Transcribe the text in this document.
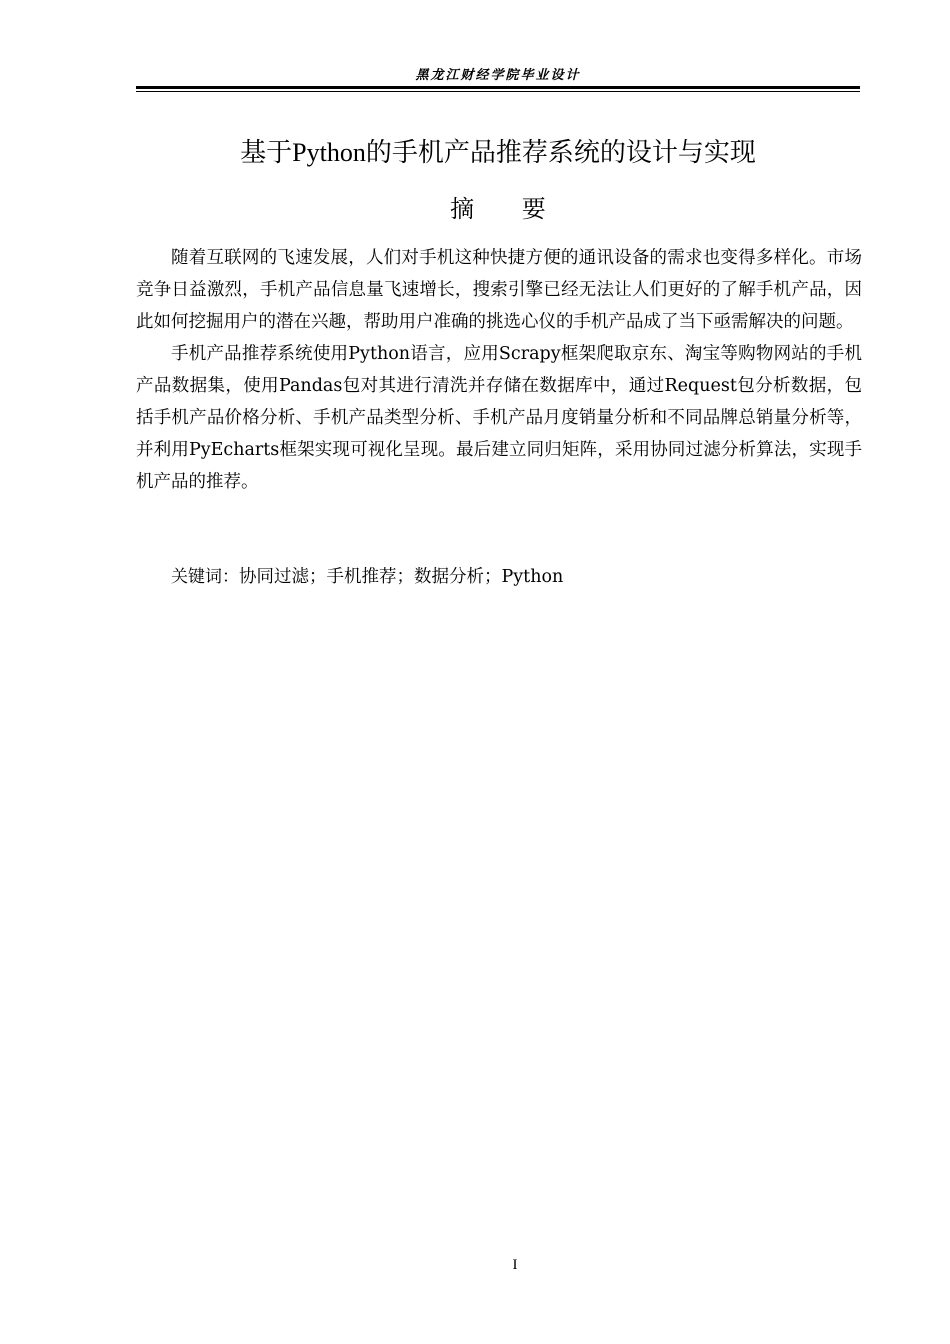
黑龙江财经学院毕业设计
基于Python的手机产品推荐系统的设计与实现
摘 要

随着互联网的飞速发展，人们对手机这种快捷方便的通讯设备的需求也变得多样化。市场竞争日益激烈，手机产品信息量飞速增长，搜索引擎已经无法让人们更好的了解手机产品，因此如何挖掘用户的潜在兴趣，帮助用户准确的挑选心仪的手机产品成了当下亟需解决的问题。

手机产品推荐系统使用Python语言，应用Scrapy框架爬取京东、淘宝等购物网站的手机产品数据集，使用Pandas包对其进行清洗并存储在数据库中，通过Request包分析数据，包括手机产品价格分析、手机产品类型分析、手机产品月度销量分析和不同品牌总销量分析等，并利用PyEcharts框架实现可视化呈现。最后建立同归矩阵，采用协同过滤分析算法，实现手机产品的推荐。

关键词：协同过滤；手机推荐；数据分析；Python
I
